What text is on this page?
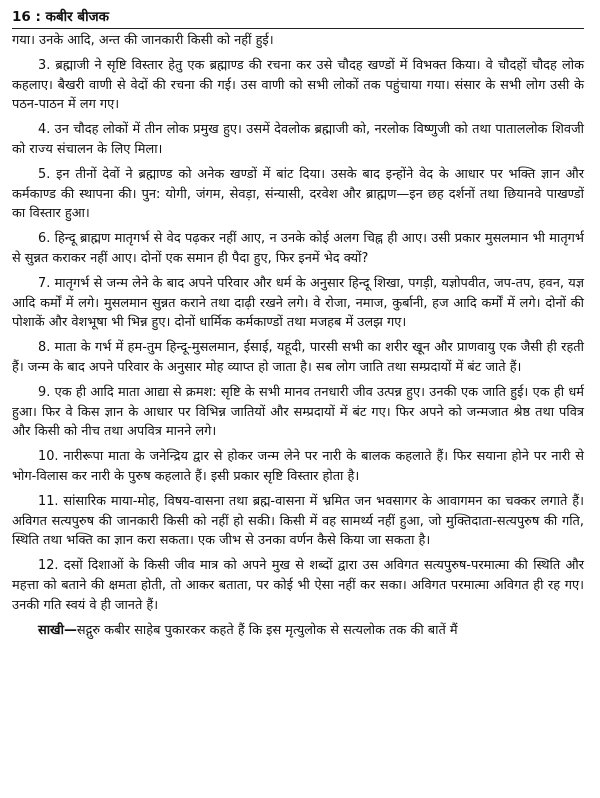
16 : कबीर बीजक

गया। उनके आदि, अन्त की जानकारी किसी को नहीं हुई।

3. ब्रह्माजी ने सृष्टि विस्तार हेतु एक ब्रह्माण्ड की रचना कर उसे चौदह खण्डों में विभक्त किया। वे चौदहों चौदह लोक कहलाए। बैखरी वाणी से वेदों की रचना की गई। उस वाणी को सभी लोकों तक पहुंचाया गया। संसार के सभी लोग उसी के पठन-पाठन में लग गए।

4. उन चौदह लोकों में तीन लोक प्रमुख हुए। उसमें देवलोक ब्रह्माजी को, नरलोक विष्णुजी को तथा पाताललोक शिवजी को राज्य संचालन के लिए मिला।

5. इन तीनों देवों ने ब्रह्माण्ड को अनेक खण्डों में बांट दिया। उसके बाद इन्होंने वेद के आधार पर भक्ति ज्ञान और कर्मकाण्ड की स्थापना की। पुन: योगी, जंगम, सेवड़ा, संन्यासी, दरवेश और ब्राह्मण—इन छह दर्शनों तथा छियानवे पाखण्डों का विस्तार हुआ।

6. हिन्दू ब्राह्मण मातृगर्भ से वेद पढ़कर नहीं आए, न उनके कोई अलग चिह्न ही आए। उसी प्रकार मुसलमान भी मातृगर्भ से सुन्नत कराकर नहीं आए। दोनों एक समान ही पैदा हुए, फिर इनमें भेद क्यों?

7. मातृगर्भ से जन्म लेने के बाद अपने परिवार और धर्म के अनुसार हिन्दू शिखा, पगड़ी, यज्ञोपवीत, जप-तप, हवन, यज्ञ आदि कर्मों में लगे। मुसलमान सुन्नत कराने तथा दाढ़ी रखने लगे। वे रोजा, नमाज, कुर्बानी, हज आदि कर्मों में लगे। दोनों की पोशाकें और वेशभूषा भी भिन्न हुए। दोनों धार्मिक कर्मकाण्डों तथा मजहब में उलझ गए।

8. माता के गर्भ में हम-तुम हिन्दू-मुसलमान, ईसाई, यहूदी, पारसी सभी का शरीर खून और प्राणवायु एक जैसी ही रहती हैं। जन्म के बाद अपने परिवार के अनुसार मोह व्याप्त हो जाता है। सब लोग जाति तथा सम्प्रदायों में बंट जाते हैं।

9. एक ही आदि माता आद्या से क्रमश: सृष्टि के सभी मानव तनधारी जीव उत्पन्न हुए। उनकी एक जाति हुई। एक ही धर्म हुआ। फिर वे किस ज्ञान के आधार पर विभिन्न जातियों और सम्प्रदायों में बंट गए। फिर अपने को जन्मजात श्रेष्ठ तथा पवित्र और किसी को नीच तथा अपवित्र मानने लगे।

10. नारीरूपा माता के जनेन्द्रिय द्वार से होकर जन्म लेने पर नारी के बालक कहलाते हैं। फिर सयाना होने पर नारी से भोग-विलास कर नारी के पुरुष कहलाते हैं। इसी प्रकार सृष्टि विस्तार होता है।

11. सांसारिक माया-मोह, विषय-वासना तथा ब्रह्म-वासना में भ्रमित जन भवसागर के आवागमन का चक्कर लगाते हैं। अविगत सत्यपुरुष की जानकारी किसी को नहीं हो सकी। किसी में वह सामर्थ्य नहीं हुआ, जो मुक्तिदाता-सत्यपुरुष की गति, स्थिति तथा भक्ति का ज्ञान करा सकता। एक जीभ से उनका वर्णन कैसे किया जा सकता है।

12. दसों दिशाओं के किसी जीव मात्र को अपने मुख से शब्दों द्वारा उस अविगत सत्यपुरुष-परमात्मा की स्थिति और महत्ता को बताने की क्षमता होती, तो आकर बताता, पर कोई भी ऐसा नहीं कर सका। अविगत परमात्मा अविगत ही रह गए। उनकी गति स्वयं वे ही जानते हैं।

साखी—सद्गुरु कबीर साहेब पुकारकर कहते हैं कि इस मृत्युलोक से सत्यलोक तक की बातें मैं
